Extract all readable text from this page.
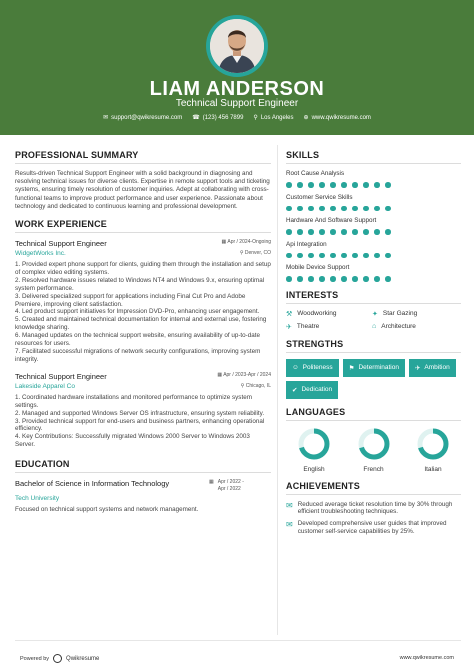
LIAM ANDERSON
Technical Support Engineer
✉ support@qwikresume.com ☎ (123) 456 7899 ⚲ Los Angeles ⊕ www.qwikresume.com
PROFESSIONAL SUMMARY
Results-driven Technical Support Engineer with a solid background in diagnosing and resolving technical issues for diverse clients. Expertise in remote support tools and ticketing systems, ensuring timely resolution of customer inquiries. Adept at collaborating with cross-functional teams to improve product performance and user experience. Passionate about technology and dedicated to continuous learning and professional development.
WORK EXPERIENCE
Technical Support Engineer	▦ Apr / 2024-Ongoing
WidgetWorks Inc.	⚲ Denver, CO
1. Provided expert phone support for clients, guiding them through the installation and setup of complex video editing systems.
2. Resolved hardware issues related to Windows NT4 and Windows 9.x, ensuring optimal system performance.
3. Delivered specialized support for applications including Final Cut Pro and Adobe Premiere, improving client satisfaction.
4. Led product support initiatives for Impression DVD-Pro, enhancing user engagement.
5. Created and maintained technical documentation for internal and external use, fostering knowledge sharing.
6. Managed updates on the technical support website, ensuring availability of up-to-date resources for users.
7. Facilitated successful migrations of network security configurations, improving system integrity.
Technical Support Engineer	▦ Apr / 2023-Apr / 2024
Lakeside Apparel Co	⚲ Chicago, IL
1. Coordinated hardware installations and monitored performance to optimize system settings.
2. Managed and supported Windows Server OS infrastructure, ensuring system reliability.
3. Provided technical support for end-users and business partners, enhancing operational efficiency.
4. Key Contributions: Successfully migrated Windows 2000 Server to Windows 2003 Server.
EDUCATION
Bachelor of Science in Information Technology	▦ Apr / 2022 -
Apr / 2022
Tech University
Focused on technical support systems and network management.
SKILLS
Root Cause Analysis
Customer Service Skills
Hardware And Software Support
Api Integration
Mobile Device Support
INTERESTS
⚒ Woodworking	✦ Star Gazing
✈ Theatre	⌂ Architecture
STRENGTHS
☺ Politeness ⚑ Determination ✈ Ambition
✔ Dedication
LANGUAGES
English	French	Italian
ACHIEVEMENTS
✉ Reduced average ticket resolution time by 30% through efficient troubleshooting techniques.
✉ Developed comprehensive user guides that improved customer self-service capabilities by 25%.
Powered by	Qwikresume	www.qwikresume.com
